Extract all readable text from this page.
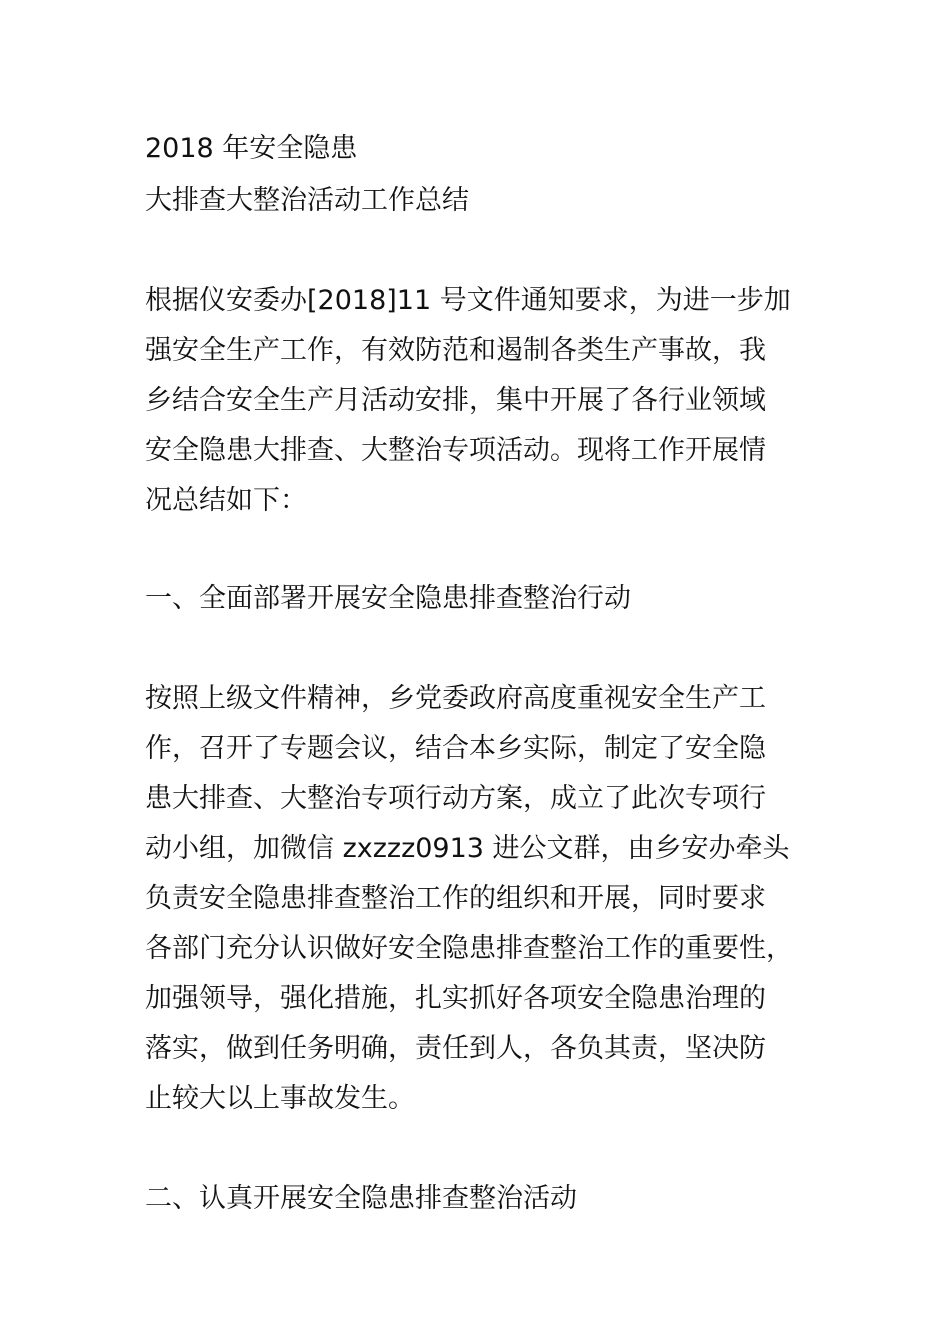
2018 年安全隐患

大排查大整治活动工作总结

根据仪安委办[2018]11 号文件通知要求，为进一步加
强安全生产工作，有效防范和遏制各类生产事故，我
乡结合安全生产月活动安排，集中开展了各行业领域
安全隐患大排查、大整治专项活动。现将工作开展情
况总结如下：

一、全面部署开展安全隐患排查整治行动

按照上级文件精神，乡党委政府高度重视安全生产工
作，召开了专题会议，结合本乡实际，制定了安全隐
患大排查、大整治专项行动方案，成立了此次专项行
动小组，加微信 zxzzz0913 进公文群，由乡安办牵头
负责安全隐患排查整治工作的组织和开展，同时要求
各部门充分认识做好安全隐患排查整治工作的重要性，
加强领导，强化措施，扎实抓好各项安全隐患治理的
落实，做到任务明确，责任到人，各负其责，坚决防
止较大以上事故发生。

二、认真开展安全隐患排查整治活动
